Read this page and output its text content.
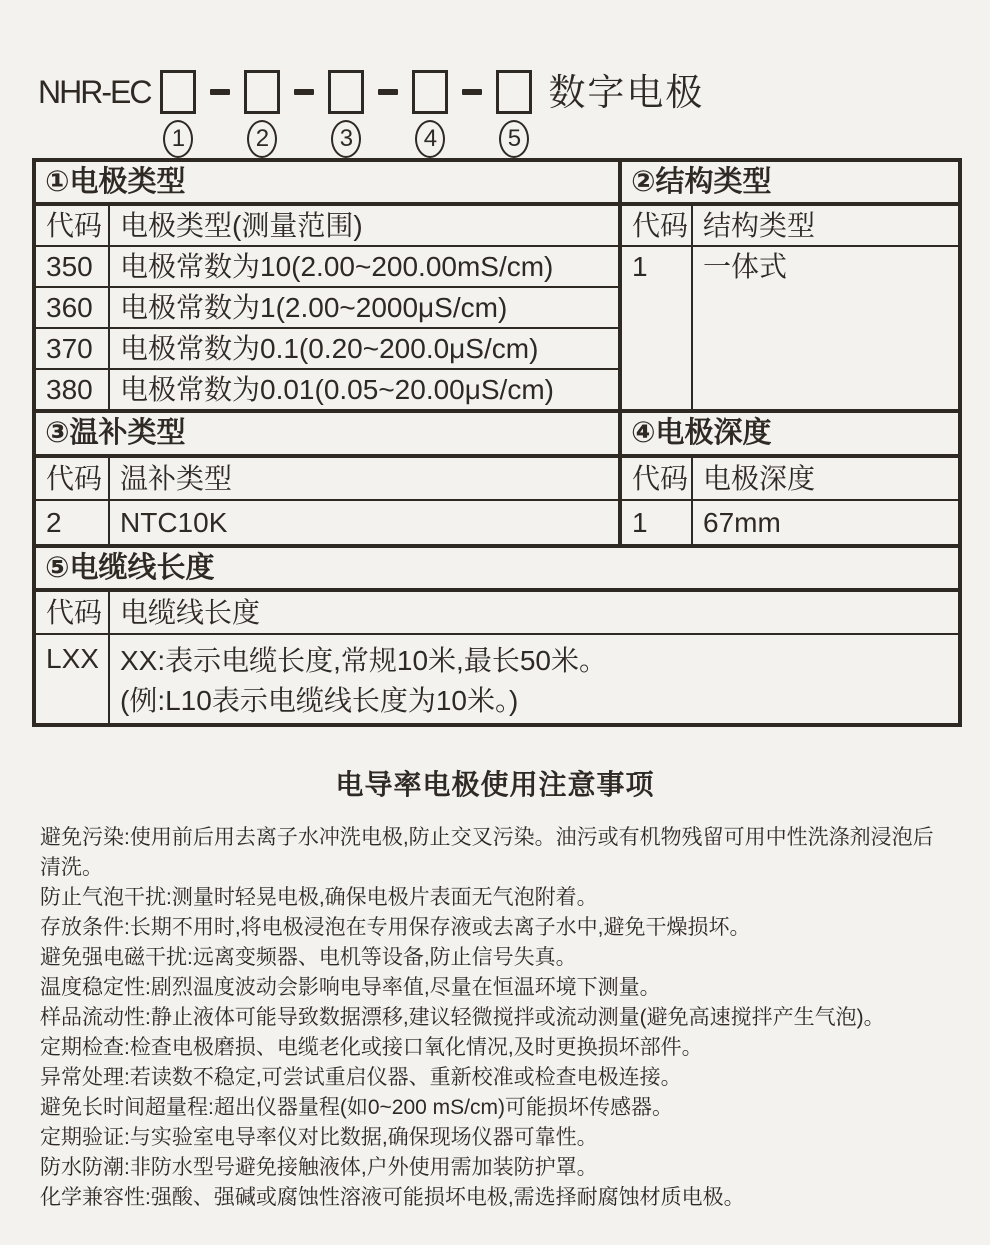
NHR-EC
1	2	3	4	5
数字电极
①电极类型		②结构类型	
代码	电极类型(测量范围)	代码	结构类型
350	电极常数为10(2.00~200.00mS/cm)	1	一体式
360	电极常数为1(2.00~2000μS/cm)		
370	电极常数为0.1(0.20~200.0μS/cm)		
380	电极常数为0.01(0.05~20.00μS/cm)		
③温补类型		④电极深度	
代码	温补类型	代码	电极深度
2	NTC10K	1	67mm
⑤电缆线长度			
代码	电缆线长度		
LXX	XX:表示电缆长度,常规10米,最长50米。
(例:L10表示电缆线长度为10米。)		
电导率电极使用注意事项

避免污染:使用前后用去离子水冲洗电极,防止交叉污染。油污或有机物残留可用中性洗涤剂浸泡后清洗。

防止气泡干扰:测量时轻晃电极,确保电极片表面无气泡附着。

存放条件:长期不用时,将电极浸泡在专用保存液或去离子水中,避免干燥损坏。

避免强电磁干扰:远离变频器、电机等设备,防止信号失真。

温度稳定性:剧烈温度波动会影响电导率值,尽量在恒温环境下测量。

样品流动性:静止液体可能导致数据漂移,建议轻微搅拌或流动测量(避免高速搅拌产生气泡)。

定期检查:检查电极磨损、电缆老化或接口氧化情况,及时更换损坏部件。

异常处理:若读数不稳定,可尝试重启仪器、重新校准或检查电极连接。

避免长时间超量程:超出仪器量程(如0~200 mS/cm)可能损坏传感器。

定期验证:与实验室电导率仪对比数据,确保现场仪器可靠性。

防水防潮:非防水型号避免接触液体,户外使用需加装防护罩。

化学兼容性:强酸、强碱或腐蚀性溶液可能损坏电极,需选择耐腐蚀材质电极。
